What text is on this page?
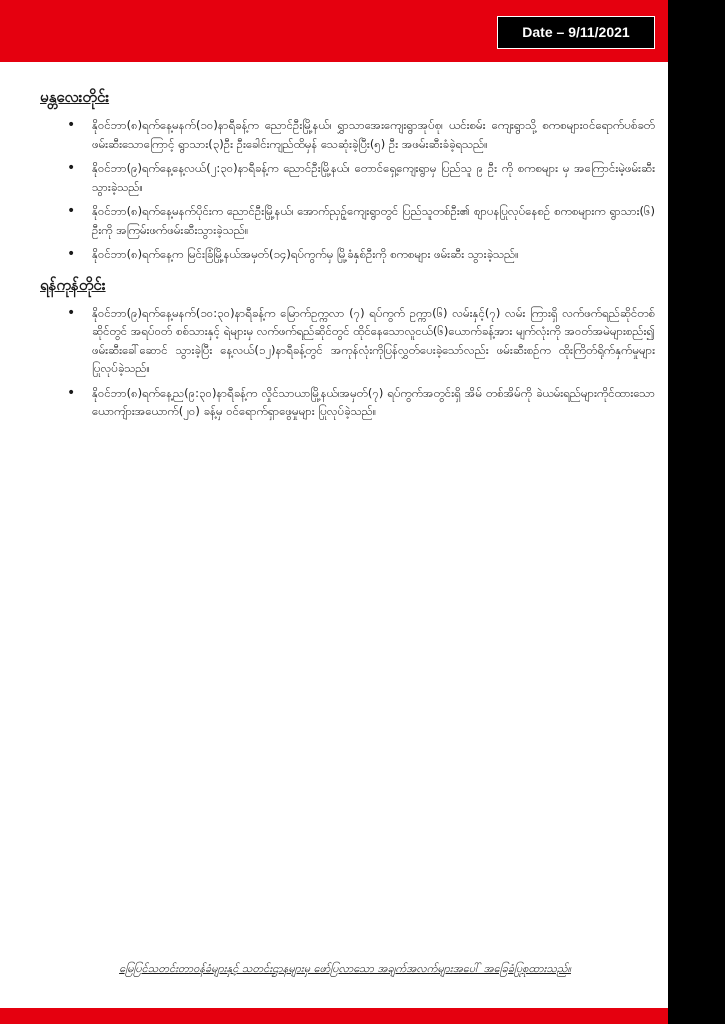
Date – 9/11/2021
မန္တလေးတိုင်း
• နိုဝင်ဘာ(၈)ရက်နေ့မနက်(၁၀)နာရီခန့်က ညောင်ဦးမြို့နယ်၊ ရွှာသာအေးကျေးရွာအုပ်စု၊ ယင်းစမ်း ကျေးရွာသို့ စကစများဝင်ရောက်ပစ်ခတ်ဖမ်းဆီးသောကြောင့် ရွာသား(၃)ဦး ဦးခေါင်းကျည်ထိမှန် သေဆုံးခဲ့ပြီး(၅) ဦး အဖမ်းဆီးခံခဲ့ရသည်။
• နိုဝင်ဘာ(၉)ရက်နေ့နေ့လယ်(၂:၃၀)နာရီခန့်က ညောင်ဦးမြို့နယ်၊ တောင်ရှေ့ကျေးရွာမှ ပြည်သူ ၉ ဦး ကို စကစများ မှ အကြောင်းမဲ့ဖမ်းဆီးသွားခဲ့သည်။
• နိုဝင်ဘာ(၈)ရက်နေ့မနက်ပိုင်းက ညောင်ဦးမြို့နယ်၊ အောက်ညှဉ့်ကျေးရွာတွင် ပြည်သူတစ်ဦး၏ စျာပနပြုလုပ်နေစဉ် စကစများက ရွာသား(၆) ဦးကို အကြမ်းဖက်ဖမ်းဆီးသွားခဲ့သည်။
• နိုဝင်ဘာ(၈)ရက်နေ့က မြင်းခြံမြို့နယ်အမှတ်(၁၄)ရပ်ကွက်မှ မြို့ခံနှစ်ဦးကို စကစများ ဖမ်းဆီး သွားခဲ့သည်။
ရန်ကုန်တိုင်း
• နိုဝင်ဘာ(၉)ရက်နေ့မနက်(၁၀:၃၀)နာရီခန့်က မြောက်ဥက္ကလာ (၇) ရပ်ကွက် ဥက္ကာ(၆) လမ်းနှင့်(၇) လမ်း ကြားရှိ လက်ဖက်ရည်ဆိုင်တစ်ဆိုင်တွင် အရပ်ဝတ် စစ်သားနှင့် ရဲများမှ လက်ဖက်ရည်ဆိုင်တွင် ထိုင်နေသောလူငယ်(၆)ယောက်ခန့်အား မျက်လုံးကို အဝတ်အမဲများစည်း၍ ဖမ်းဆီးခေါ်ဆောင် သွားခဲ့ပြီး နေ့လယ်(၁၂)နာရီခန့်တွင် အကုန်လုံးကိုပြန်လွှတ်ပေးခဲ့သော်လည်း ဖမ်းဆီးစဉ်က ထိုးကြိတ်ရိုက်နှက်မှုများပြုလုပ်ခဲ့သည်။
• နိုဝင်ဘာ(၈)ရက်နေ့ည(၉:၃၀)နာရီခန့်က လှိုင်သာယာမြို့နယ်၊အမှတ်(၇) ရပ်ကွက်အတွင်းရှိ အိမ် တစ်အိမ်ကို ခဲယမ်းရည်များကိုင်ထားသော ယောကျ်ားအယောက်(၂၀) ခန့်မှ ဝင်ရောက်ရှာဖွေမှုများ ပြုလုပ်ခဲ့သည်။
မြေပြင်သတင်းတာဝန်ခံများနှင့် သတင်းဌာနများမှ ဖော်ပြလာသော အချက်အလက်များအပေါ် အခြေခံပြုစုထားသည်။
